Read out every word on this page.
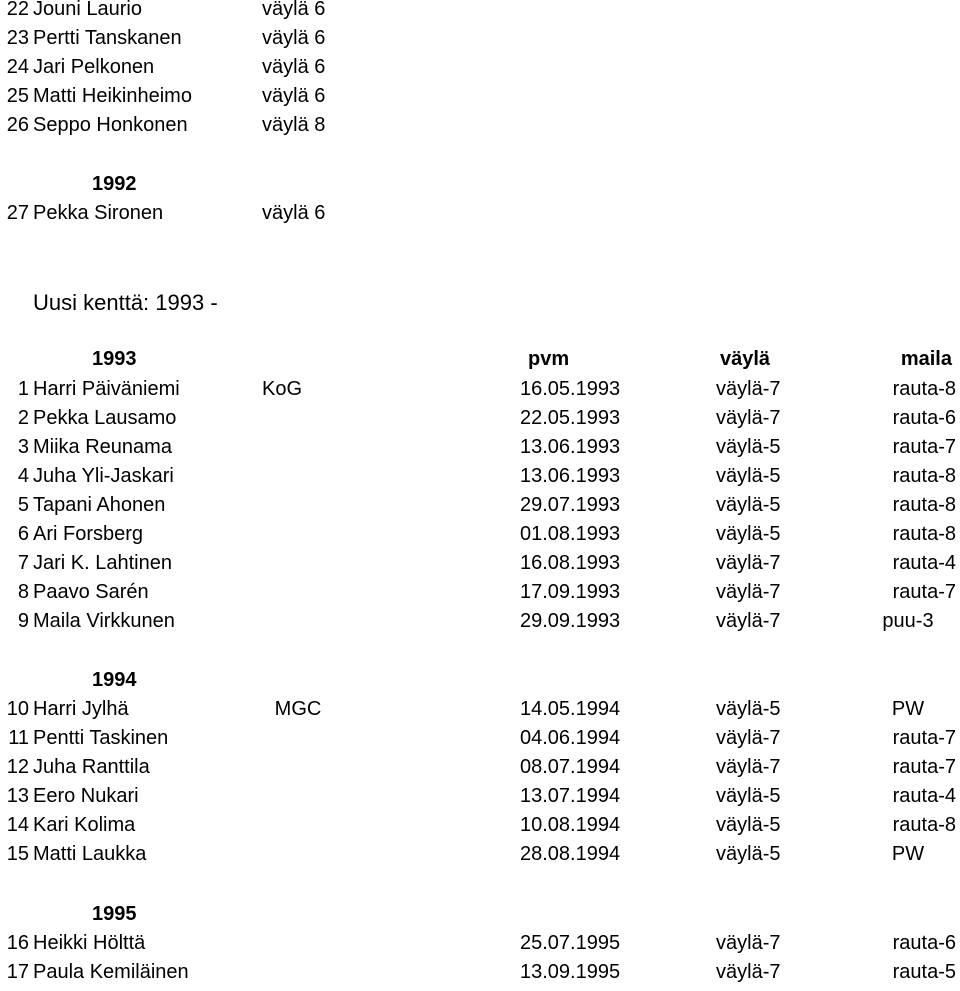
22 Jouni Laurio	väylä 6
23 Pertti Tanskanen	väylä 6
24 Jari Pelkonen	väylä 6
25 Matti Heikinheimo	väylä 6
26 Seppo Honkonen	väylä 8
1992
27 Pekka Sironen	väylä 6
Uusi kenttä: 1993 -
1993	pvm	väylä	maila
1 Harri Päiväniemi	KoG	16.05.1993	väylä-7	rauta-8
2 Pekka Lausamo	22.05.1993	väylä-7	rauta-6
3 Miika Reunama	13.06.1993	väylä-5	rauta-7
4 Juha Yli-Jaskari	13.06.1993	väylä-5	rauta-8
5 Tapani Ahonen	29.07.1993	väylä-5	rauta-8
6 Ari Forsberg	01.08.1993	väylä-5	rauta-8
7 Jari K. Lahtinen	16.08.1993	väylä-7	rauta-4
8 Paavo Sarén	17.09.1993	väylä-7	rauta-7
9 Maila Virkkunen	29.09.1993	väylä-7	puu-3
1994
10 Harri Jylhä	MGC	14.05.1994	väylä-5	PW
11 Pentti Taskinen	04.06.1994	väylä-7	rauta-7
12 Juha Ranttila	08.07.1994	väylä-7	rauta-7
13 Eero Nukari	13.07.1994	väylä-5	rauta-4
14 Kari Kolima	10.08.1994	väylä-5	rauta-8
15 Matti Laukka	28.08.1994	väylä-5	PW
1995
16 Heikki Hölttä	25.07.1995	väylä-7	rauta-6
17 Paula Kemiläinen	13.09.1995	väylä-7	rauta-5
